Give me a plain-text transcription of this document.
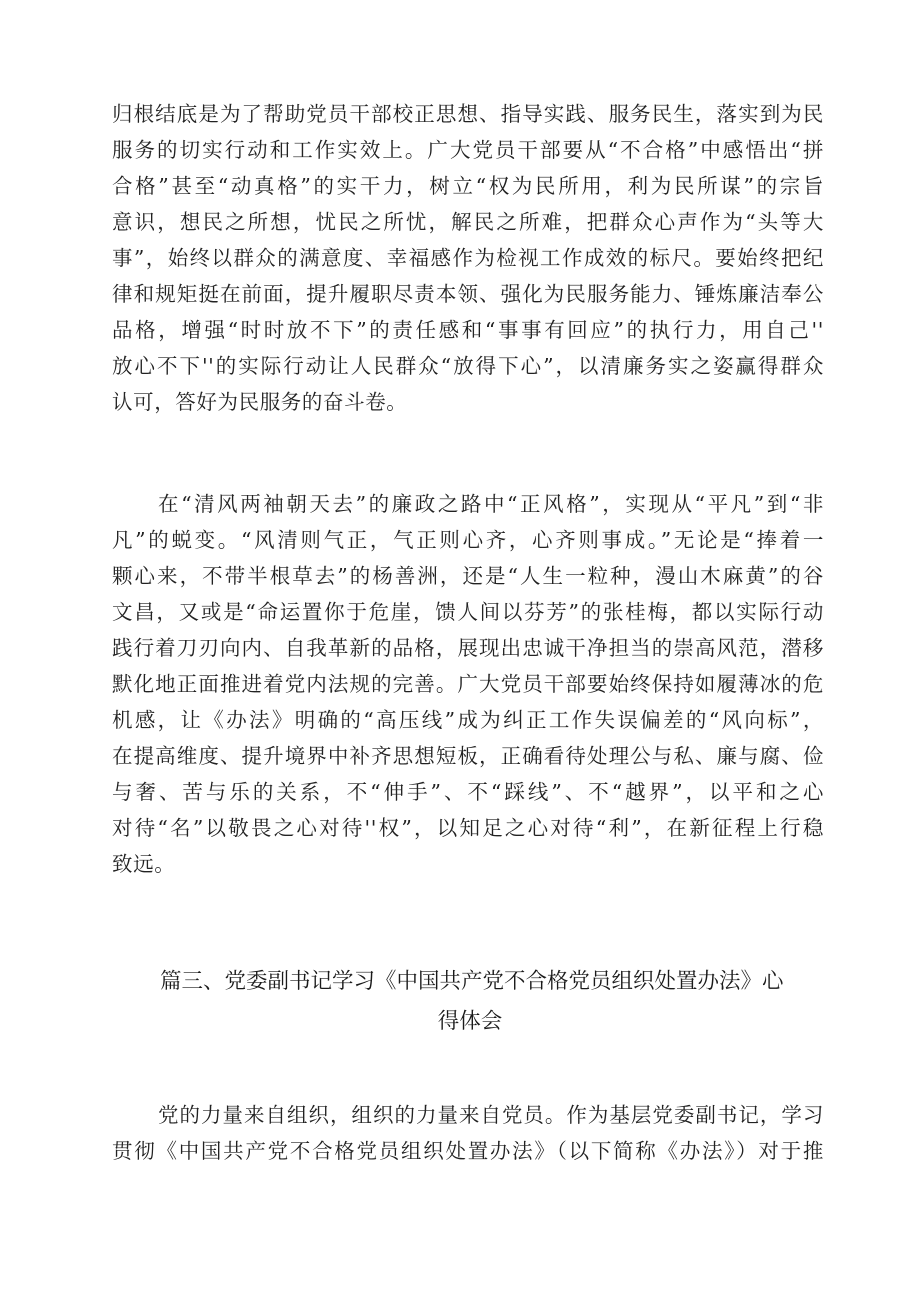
归根结底是为了帮助党员干部校正思想、指导实践、服务民生，落实到为民
服务的切实行动和工作实效上。广大党员干部要从“不合格”中感悟出“拼
合格”甚至“动真格”的实干力，树立“权为民所用，利为民所谋”的宗旨
意识，想民之所想，忧民之所忧，解民之所难，把群众心声作为“头等大
事”，始终以群众的满意度、幸福感作为检视工作成效的标尺。要始终把纪
律和规矩挺在前面，提升履职尽责本领、强化为民服务能力、锤炼廉洁奉公
品格，增强“时时放不下”的责任感和“事事有回应”的执行力，用自己''
放心不下''的实际行动让人民群众“放得下心”，以清廉务实之姿赢得群众
认可，答好为民服务的奋斗卷。
在“清风两袖朝天去”的廉政之路中“正风格”，实现从“平凡”到“非
凡”的蜕变。“风清则气正，气正则心齐，心齐则事成。”无论是“捧着一
颗心来，不带半根草去”的杨善洲，还是“人生一粒种，漫山木麻黄”的谷
文昌，又或是“命运置你于危崖，馈人间以芬芳”的张桂梅，都以实际行动
践行着刀刃向内、自我革新的品格，展现出忠诚干净担当的崇高风范，潜移
默化地正面推进着党内法规的完善。广大党员干部要始终保持如履薄冰的危
机感，让《办法》明确的“高压线”成为纠正工作失误偏差的“风向标”，
在提高维度、提升境界中补齐思想短板，正确看待处理公与私、廉与腐、俭
与奢、苦与乐的关系，不“伸手”、不“踩线”、不“越界”，以平和之心
对待“名”以敬畏之心对待''权”，以知足之心对待“利”，在新征程上行稳
致远。
篇三、党委副书记学习《中国共产党不合格党员组织处置办法》心
得体会
党的力量来自组织，组织的力量来自党员。作为基层党委副书记，学习
贯彻《中国共产党不合格党员组织处置办法》（以下简称《办法》）对于推
